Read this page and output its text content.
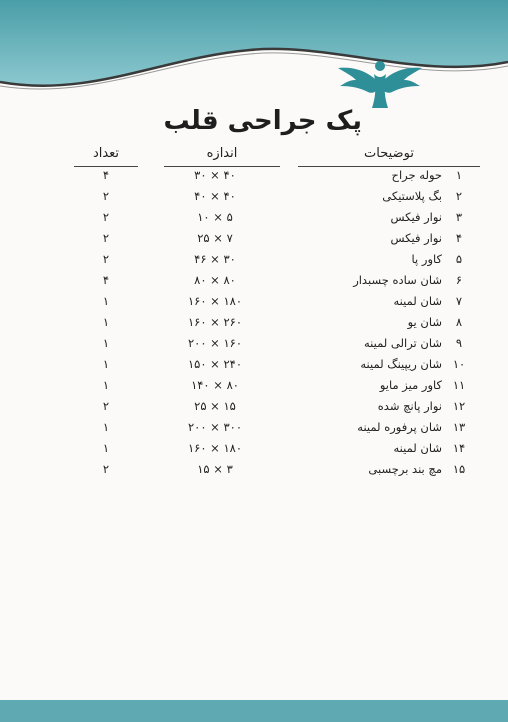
پک جراحی قلب
توضیحات
اندازه
تعداد
۱
حوله جراح
۴۰ × ۳۰
۴
۲
بگ پلاستیکی
۴۰ × ۴۰
۲
۳
نوار فیکس
۵ × ۱۰
۲
۴
نوار فیکس
۷ × ۲۵
۲
۵
کاور پا
۳۰ × ۴۶
۲
۶
شان ساده چسبدار
۸۰ × ۸۰
۴
۷
شان لمینه
۱۸۰ × ۱۶۰
۱
۸
شان یو
۲۶۰ × ۱۶۰
۱
۹
شان ترالی لمینه
۱۶۰ × ۲۰۰
۱
۱۰
شان ریپینگ لمینه
۲۴۰ × ۱۵۰
۱
۱۱
کاور میز مایو
۸۰ × ۱۴۰
۱
۱۲
نوار پانچ شده
۱۵ × ۲۵
۲
۱۳
شان پرفوره لمینه
۳۰۰ × ۲۰۰
۱
۱۴
شان لمینه
۱۸۰ × ۱۶۰
۱
۱۵
مچ بند برچسبی
۳ × ۱۵
۲
